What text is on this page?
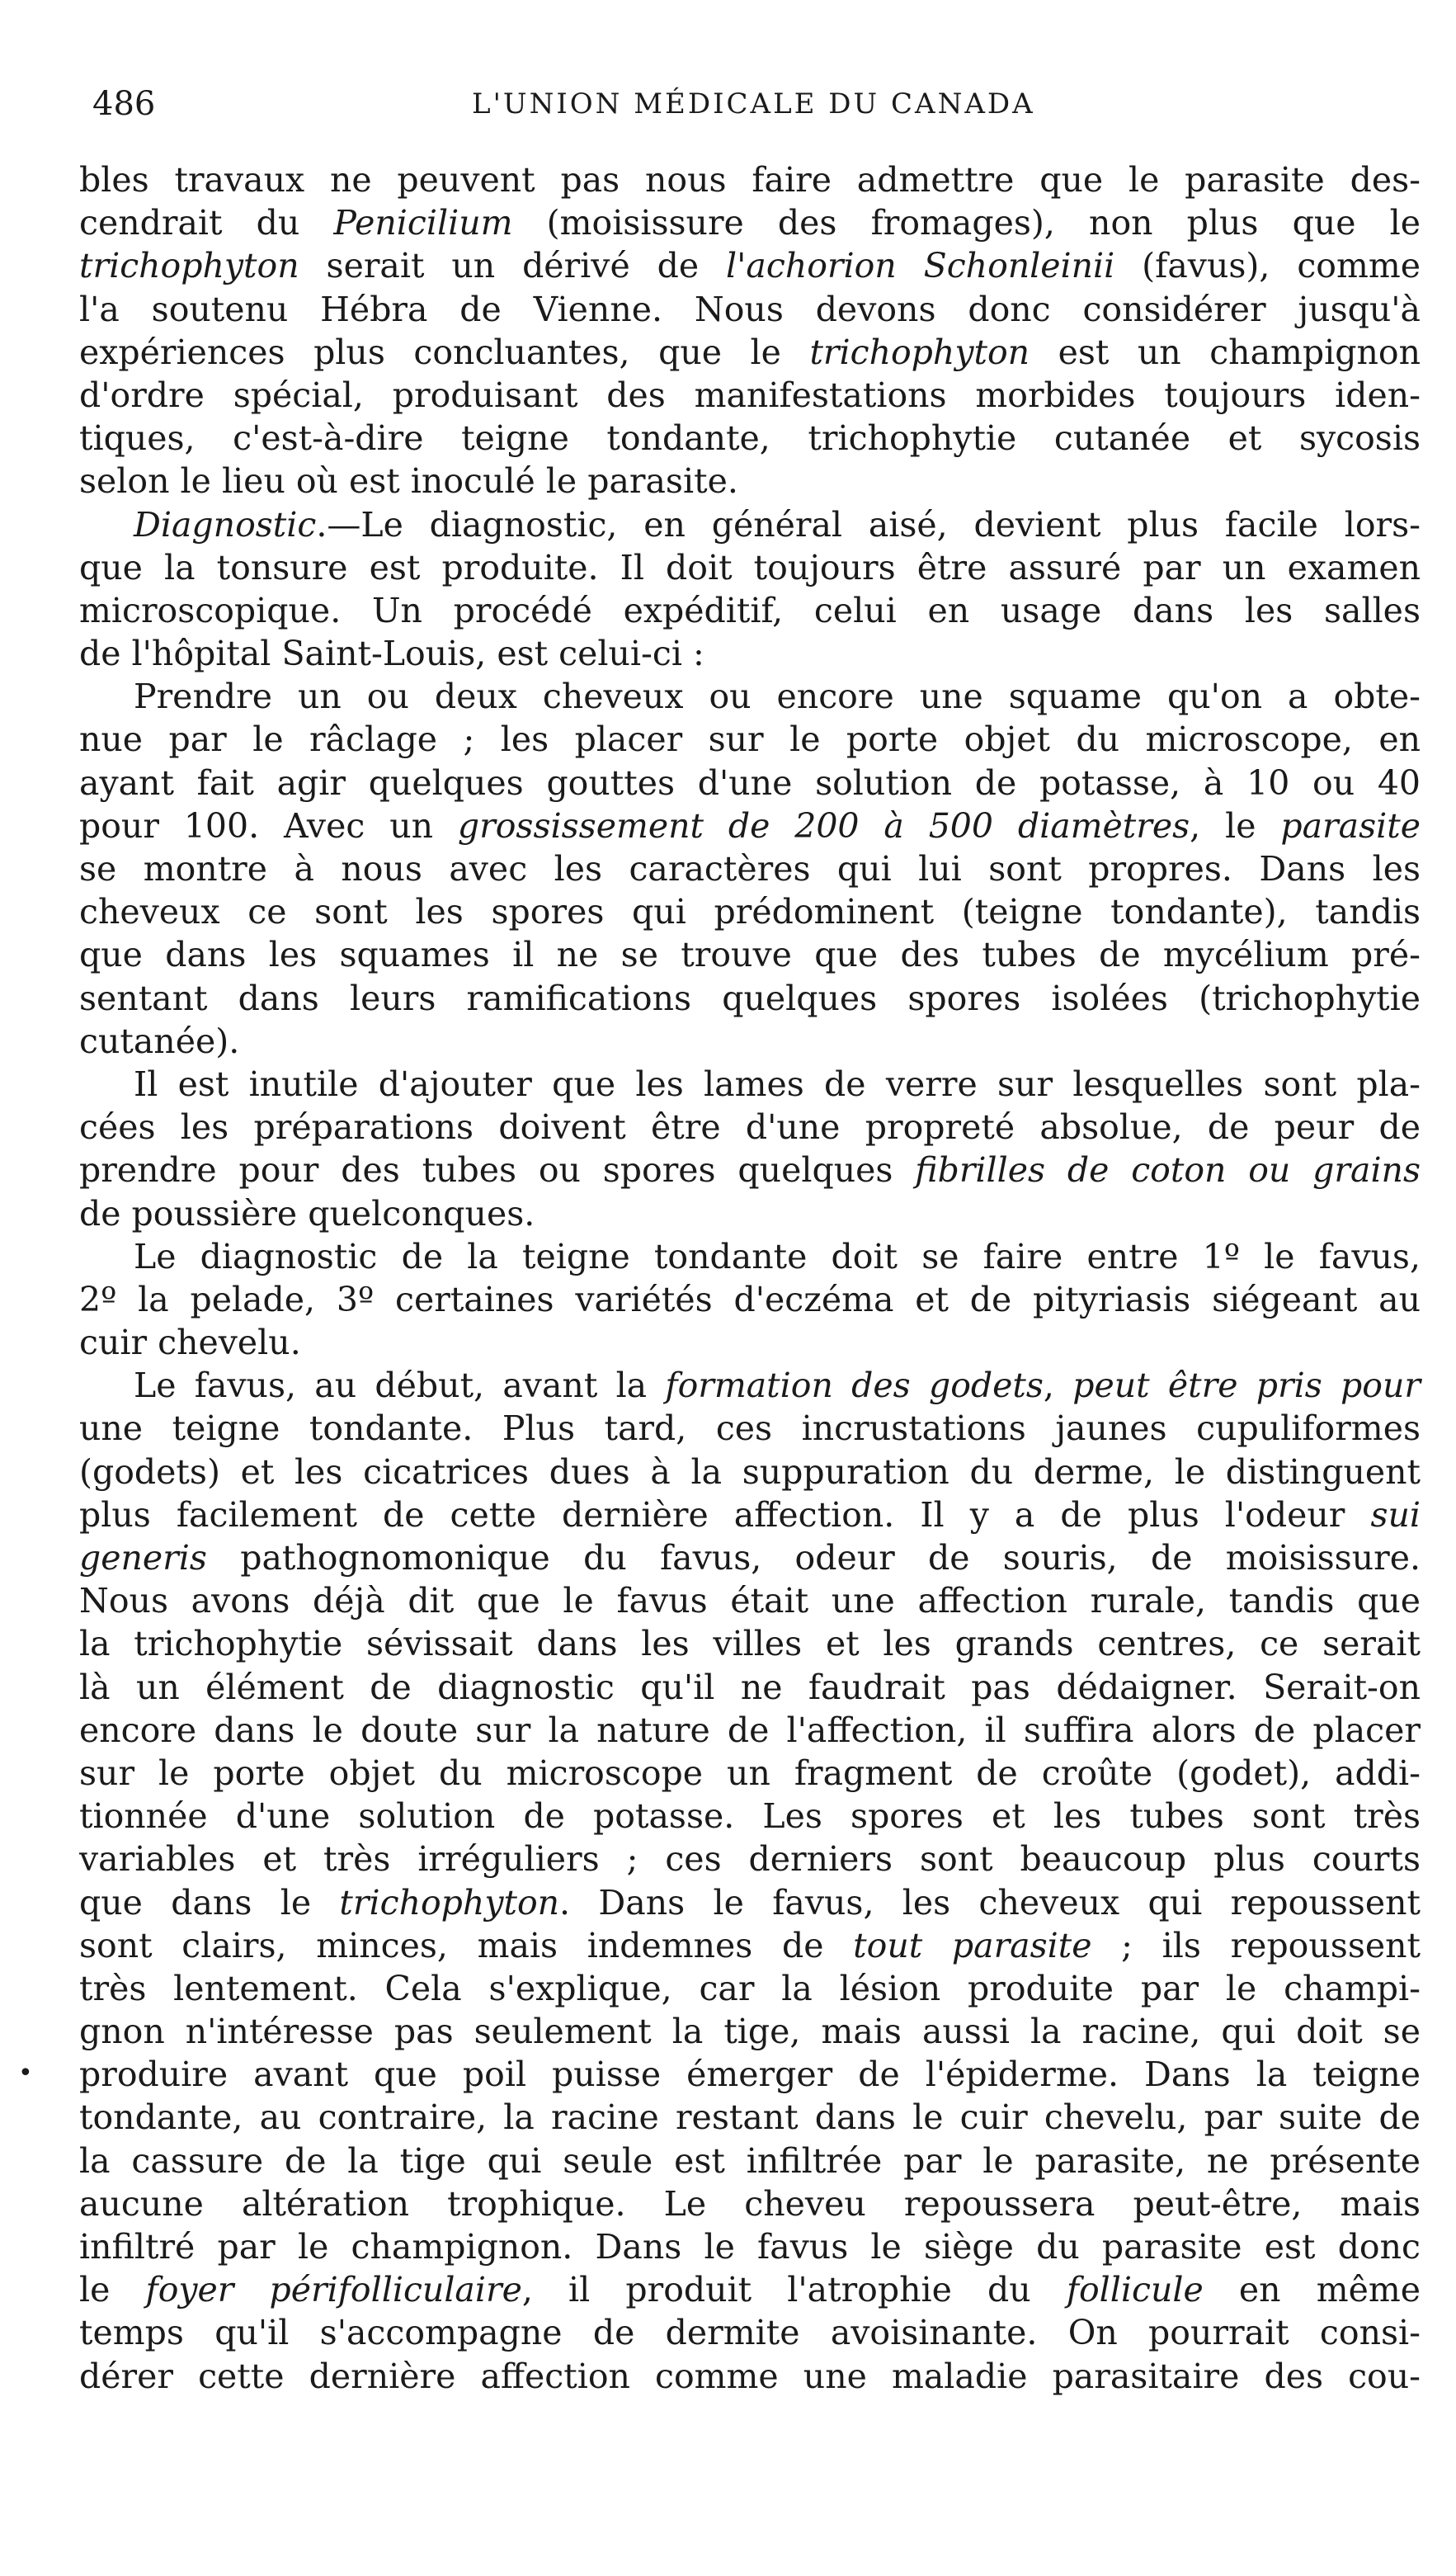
486	L'UNION MÉDICALE DU CANADA
•
bles travaux ne peuvent pas nous faire admettre que le parasite des-
cendrait du Penicilium (moisissure des fromages), non plus que le
trichophyton serait un dérivé de l'achorion Schonleinii (favus), comme
l'a soutenu Hébra de Vienne. Nous devons donc considérer jusqu'à
expériences plus concluantes, que le trichophyton est un champignon
d'ordre spécial, produisant des manifestations morbides toujours iden-
tiques, c'est-à-dire teigne tondante, trichophytie cutanée et sycosis
selon le lieu où est inoculé le parasite.
Diagnostic.—Le diagnostic, en général aisé, devient plus facile lors-
que la tonsure est produite. Il doit toujours être assuré par un examen
microscopique. Un procédé expéditif, celui en usage dans les salles
de l'hôpital Saint-Louis, est celui-ci :
Prendre un ou deux cheveux ou encore une squame qu'on a obte-
nue par le râclage ; les placer sur le porte objet du microscope, en
ayant fait agir quelques gouttes d'une solution de potasse, à 10 ou 40
pour 100. Avec un grossissement de 200 à 500 diamètres, le parasite
se montre à nous avec les caractères qui lui sont propres. Dans les
cheveux ce sont les spores qui prédominent (teigne tondante), tandis
que dans les squames il ne se trouve que des tubes de mycélium pré-
sentant dans leurs ramifications quelques spores isolées (trichophytie
cutanée).
Il est inutile d'ajouter que les lames de verre sur lesquelles sont pla-
cées les préparations doivent être d'une propreté absolue, de peur de
prendre pour des tubes ou spores quelques fibrilles de coton ou grains
de poussière quelconques.
Le diagnostic de la teigne tondante doit se faire entre 1º le favus,
2º la pelade, 3º certaines variétés d'eczéma et de pityriasis siégeant au
cuir chevelu.
Le favus, au début, avant la formation des godets, peut être pris pour
une teigne tondante. Plus tard, ces incrustations jaunes cupuliformes
(godets) et les cicatrices dues à la suppuration du derme, le distinguent
plus facilement de cette dernière affection. Il y a de plus l'odeur sui
generis pathognomonique du favus, odeur de souris, de moisissure.
Nous avons déjà dit que le favus était une affection rurale, tandis que
la trichophytie sévissait dans les villes et les grands centres, ce serait
là un élément de diagnostic qu'il ne faudrait pas dédaigner. Serait-on
encore dans le doute sur la nature de l'affection, il suffira alors de placer
sur le porte objet du microscope un fragment de croûte (godet), addi-
tionnée d'une solution de potasse. Les spores et les tubes sont très
variables et très irréguliers ; ces derniers sont beaucoup plus courts
que dans le trichophyton. Dans le favus, les cheveux qui repoussent
sont clairs, minces, mais indemnes de tout parasite ; ils repoussent
très lentement. Cela s'explique, car la lésion produite par le champi-
gnon n'intéresse pas seulement la tige, mais aussi la racine, qui doit se
produire avant que poil puisse émerger de l'épiderme. Dans la teigne
tondante, au contraire, la racine restant dans le cuir chevelu, par suite de
la cassure de la tige qui seule est infiltrée par le parasite, ne présente
aucune altération trophique. Le cheveu repoussera peut-être, mais
infiltré par le champignon. Dans le favus le siège du parasite est donc
le foyer périfolliculaire, il produit l'atrophie du follicule en même
temps qu'il s'accompagne de dermite avoisinante. On pourrait consi-
dérer cette dernière affection comme une maladie parasitaire des cou-
